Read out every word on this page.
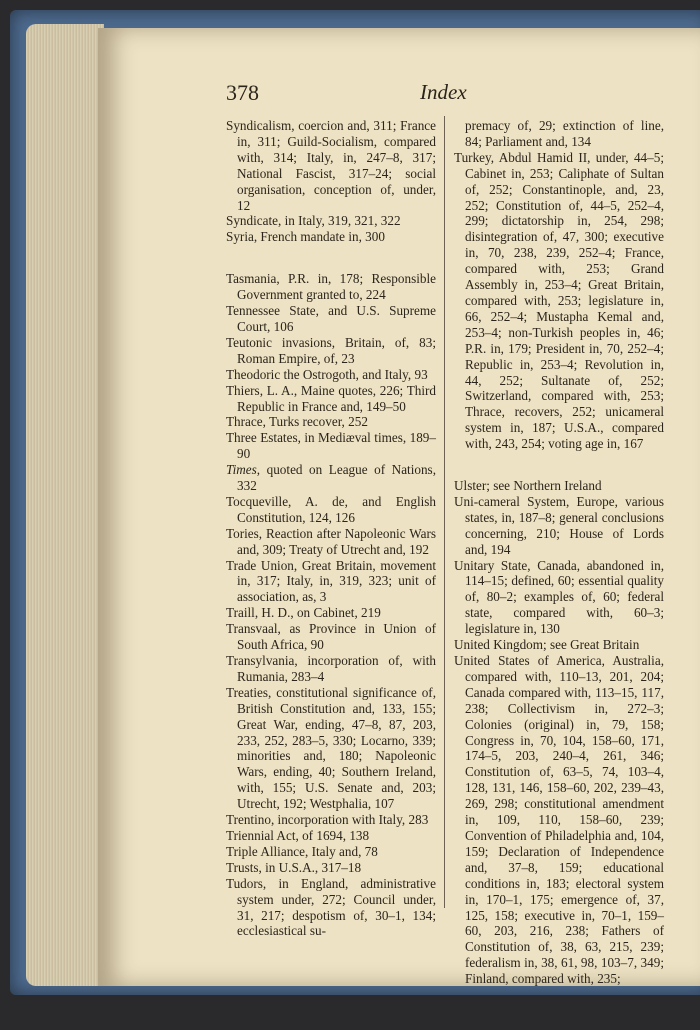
378	Index

Syndicalism, coercion and, 311; France in, 311; Guild-Socialism, compared with, 314; Italy, in, 247–8, 317; National Fascist, 317–24; social organisation, conception of, under, 12

Syndicate, in Italy, 319, 321, 322

Syria, French mandate in, 300

Tasmania, P.R. in, 178; Responsible Government granted to, 224

Tennessee State, and U.S. Supreme Court, 106

Teutonic invasions, Britain, of, 83; Roman Empire, of, 23

Theodoric the Ostrogoth, and Italy, 93

Thiers, L. A., Maine quotes, 226; Third Republic in France and, 149–50

Thrace, Turks recover, 252

Three Estates, in Mediæval times, 189–90

Times, quoted on League of Nations, 332

Tocqueville, A. de, and English Constitution, 124, 126

Tories, Reaction after Napoleonic Wars and, 309; Treaty of Utrecht and, 192

Trade Union, Great Britain, movement in, 317; Italy, in, 319, 323; unit of association, as, 3

Traill, H. D., on Cabinet, 219

Transvaal, as Province in Union of South Africa, 90

Transylvania, incorporation of, with Rumania, 283–4

Treaties, constitutional significance of, British Constitution and, 133, 155; Great War, ending, 47–8, 87, 203, 233, 252, 283–5, 330; Locarno, 339; minorities and, 180; Napoleonic Wars, ending, 40; Southern Ireland, with, 155; U.S. Senate and, 203; Utrecht, 192; Westphalia, 107

Trentino, incorporation with Italy, 283

Triennial Act, of 1694, 138

Triple Alliance, Italy and, 78

Trusts, in U.S.A., 317–18

Tudors, in England, administrative system under, 272; Council under, 31, 217; despotism of, 30–1, 134; ecclesiastical su-

premacy of, 29; extinction of line, 84; Parliament and, 134

Turkey, Abdul Hamid II, under, 44–5; Cabinet in, 253; Caliphate of Sultan of, 252; Constantinople, and, 23, 252; Constitution of, 44–5, 252–4, 299; dictatorship in, 254, 298; disintegration of, 47, 300; executive in, 70, 238, 239, 252–4; France, compared with, 253; Grand Assembly in, 253–4; Great Britain, compared with, 253; legislature in, 66, 252–4; Mustapha Kemal and, 253–4; non-Turkish peoples in, 46; P.R. in, 179; President in, 70, 252–4; Republic in, 253–4; Revolution in, 44, 252; Sultanate of, 252; Switzerland, compared with, 253; Thrace, recovers, 252; unicameral system in, 187; U.S.A., compared with, 243, 254; voting age in, 167

Ulster; see Northern Ireland

Uni-cameral System, Europe, various states, in, 187–8; general conclusions concerning, 210; House of Lords and, 194

Unitary State, Canada, abandoned in, 114–15; defined, 60; essential quality of, 80–2; examples of, 60; federal state, compared with, 60–3; legislature in, 130

United Kingdom; see Great Britain

United States of America, Australia, compared with, 110–13, 201, 204; Canada compared with, 113–15, 117, 238; Collectivism in, 272–3; Colonies (original) in, 79, 158; Congress in, 70, 104, 158–60, 171, 174–5, 203, 240–4, 261, 346; Constitution of, 63–5, 74, 103–4, 128, 131, 146, 158–60, 202, 239–43, 269, 298; constitutional amendment in, 109, 110, 158–60, 239; Convention of Philadelphia and, 104, 159; Declaration of Independence and, 37–8, 159; educational conditions in, 183; electoral system in, 170–1, 175; emergence of, 37, 125, 158; executive in, 70–1, 159–60, 203, 216, 238; Fathers of Constitution of, 38, 63, 215, 239; federalism in, 38, 61, 98, 103–7, 349; Finland, compared with, 235;
